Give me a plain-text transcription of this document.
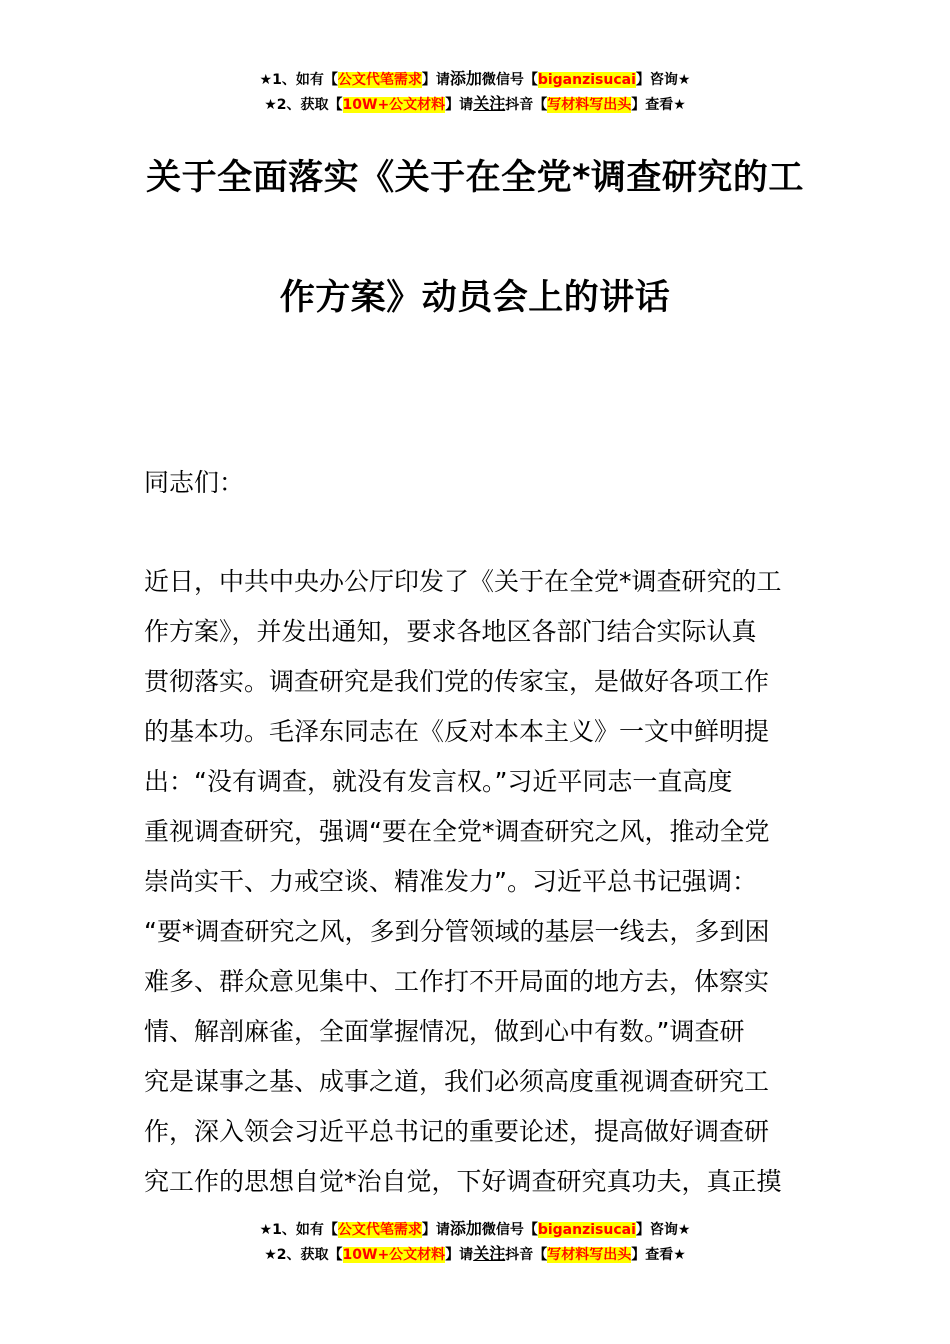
★1、如有【公文代笔需求】请添加微信号【biganzisucai】咨询★
★2、获取【10W+公文材料】请关注抖音【写材料写出头】查看★
关于全面落实《关于在全党*调查研究的工
作方案》动员会上的讲话
同志们：
近日，中共中央办公厅印发了《关于在全党*调查研究的工
作方案》，并发出通知，要求各地区各部门结合实际认真
贯彻落实。调查研究是我们党的传家宝，是做好各项工作
的基本功。毛泽东同志在《反对本本主义》一文中鲜明提
出：“没有调查，就没有发言权。”习近平同志一直高度
重视调查研究，强调“要在全党*调查研究之风，推动全党
崇尚实干、力戒空谈、精准发力”。习近平总书记强调：
“要*调查研究之风，多到分管领域的基层一线去，多到困
难多、群众意见集中、工作打不开局面的地方去，体察实
情、解剖麻雀，全面掌握情况，做到心中有数。”调查研
究是谋事之基、成事之道，我们必须高度重视调查研究工
作，深入领会习近平总书记的重要论述，提高做好调查研
究工作的思想自觉*治自觉，下好调查研究真功夫，真正摸
★1、如有【公文代笔需求】请添加微信号【biganzisucai】咨询★
★2、获取【10W+公文材料】请关注抖音【写材料写出头】查看★
